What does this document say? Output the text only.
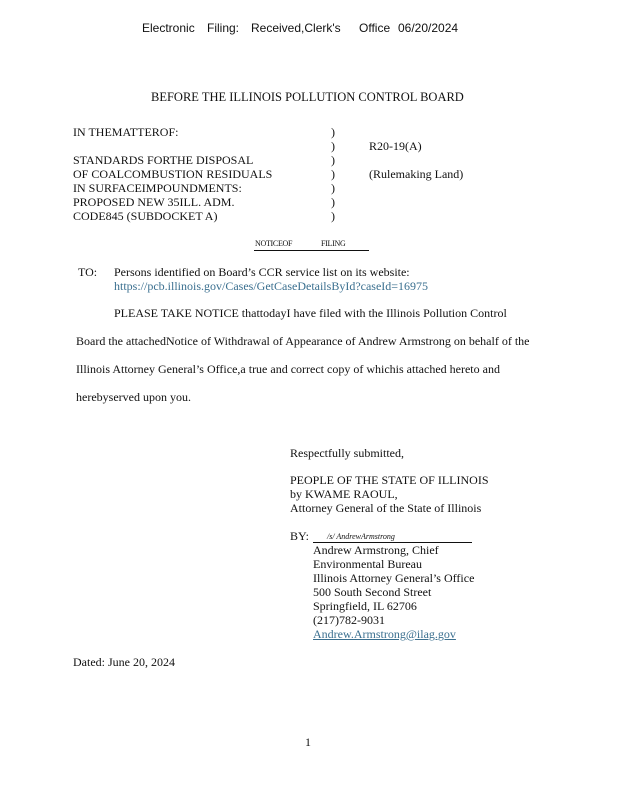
Electronic Filing: Received,Clerk's Office 06/20/2024
BEFORE THE ILLINOIS POLLUTION CONTROL BOARD
IN THEMATTEROF:
STANDARDS FORTHE DISPOSAL
OF COALCOMBUSTION RESIDUALS
IN SURFACEIMPOUNDMENTS:
PROPOSED NEW 35ILL. ADM.
CODE845 (SUBDOCKET A)
)
)
)
)
)
)
)
R20-19(A)
(Rulemaking Land)
NOTICEOF	FILING
TO: Persons identified on Board’s CCR service list on its website:
https://pcb.illinois.gov/Cases/GetCaseDetailsById?caseId=16975
PLEASE TAKE NOTICE thattodayI have filed with the Illinois Pollution Control
Board the attachedNotice of Withdrawal of Appearance of Andrew Armstrong on behalf of the
Illinois Attorney General’s Office,a true and correct copy of whichis attached hereto and
herebyserved upon you.
Respectfully submitted,
PEOPLE OF THE STATE OF ILLINOIS
by KWAME RAOUL,
Attorney General of the State of Illinois
BY: /s/ AndrewArmstrong
Andrew Armstrong, Chief
Environmental Bureau
Illinois Attorney General’s Office
500 South Second Street
Springfield, IL 62706
(217)782-9031
Andrew.Armstrong@ilag.gov
Dated: June 20, 2024
1
